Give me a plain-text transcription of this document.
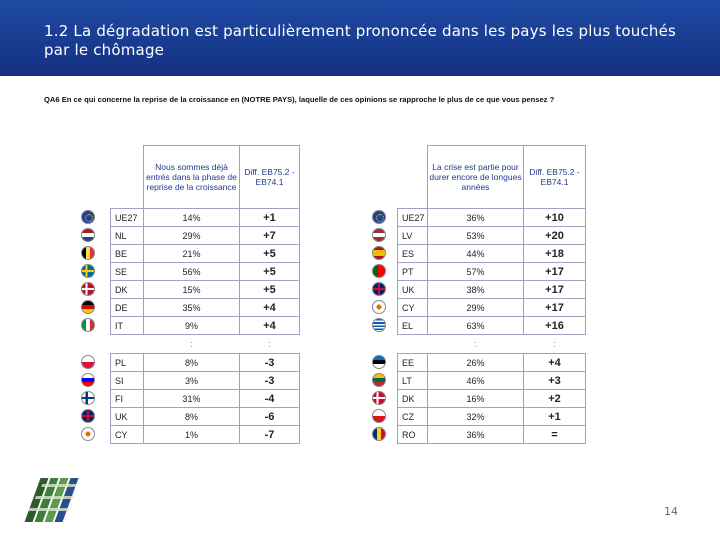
1.2 La dégradation est particulièrement prononcée dans les pays les plus touchés par le chômage
QA6 En ce qui concerne la reprise de la croissance en (NOTRE PAYS), laquelle de ces opinions se rapproche le plus de ce que vous pensez ?
	Nous sommes déjà entrés dans la phase de reprise de la croissance	Diff. EB75.2 - EB74.1
UE27	14%	+1
NL	29%	+7
BE	21%	+5
SE	56%	+5
DK	15%	+5
DE	35%	+4
IT	9%	+4
	:	:
PL	8%	-3
SI	3%	-3
FI	31%	-4
UK	8%	-6
CY	1%	-7
	La crise est partie pour durer encore de longues années	Diff. EB75.2 - EB74.1
UE27	36%	+10
LV	53%	+20
ES	44%	+18
PT	57%	+17
UK	38%	+17
CY	29%	+17
EL	63%	+16
	:	:
EE	26%	+4
LT	46%	+3
DK	16%	+2
CZ	32%	+1
RO	36%	=
14
